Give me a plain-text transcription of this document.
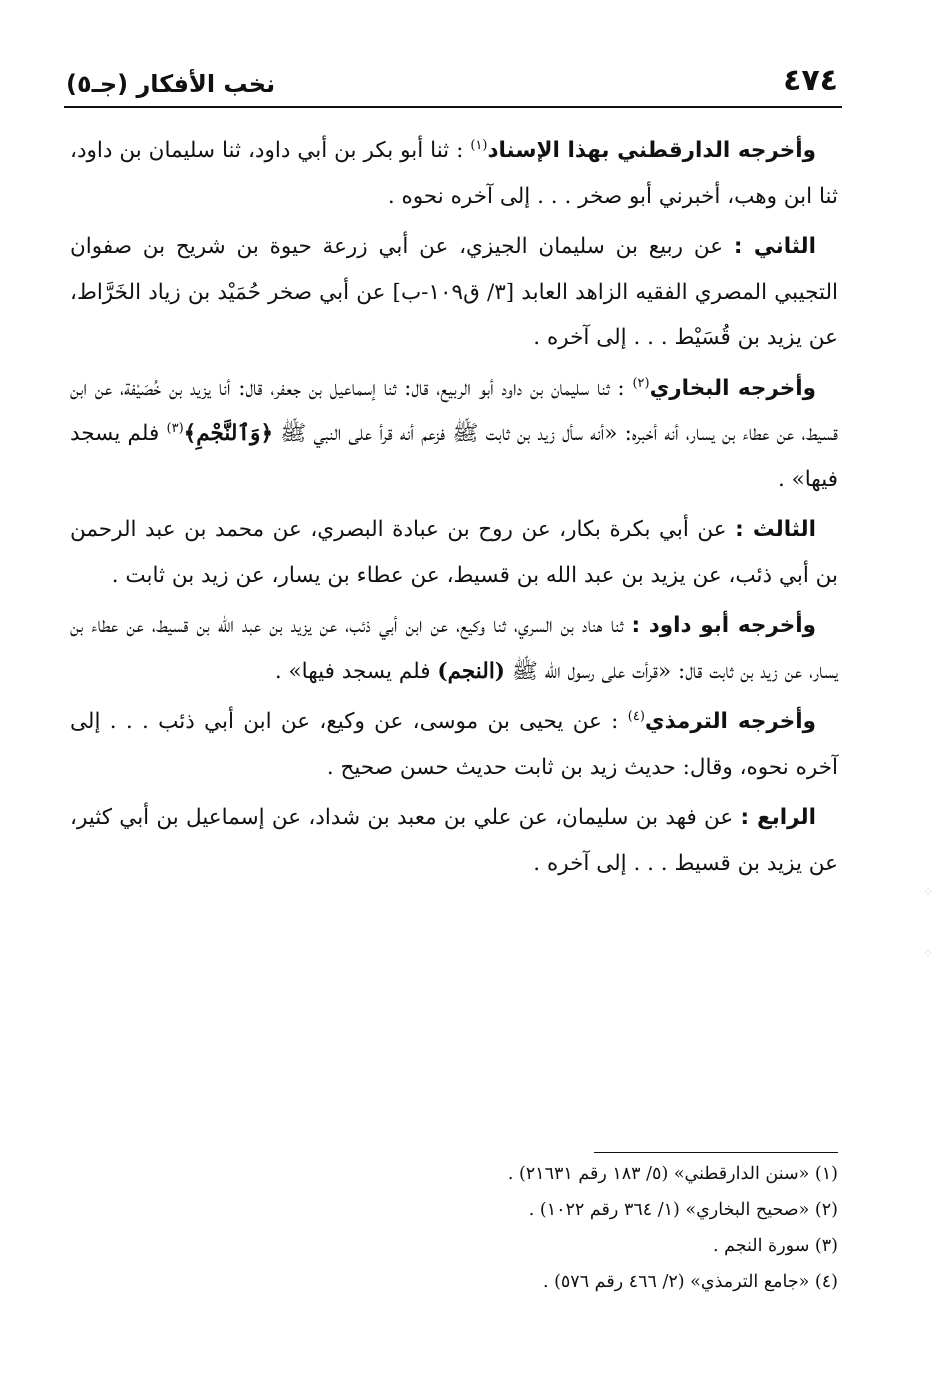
٤٧٤
نخب الأفكار (جـ٥)

وأخرجه الدارقطني بهذا الإسناد$^{(١)}$ : ثنا أبو بكر بن أبي داود، ثنا سليمان بن داود، ثنا ابن وهب، أخبرني أبو صخر . . . إلى آخره نحوه .

الثاني : عن ربيع بن سليمان الجيزي، عن أبي زرعة حيوة بن شريح بن صفوان التجيبي المصري الفقيه الزاهد العابد [٣/ ق١٠٩-ب] عن أبي صخر حُمَيْد بن زياد الخَرَّاط، عن يزيد بن قُسَيْط . . . إلى آخره .

وأخرجه البخاري$^{(٢)}$ : ثنا سليمان بن داود أبو الربيع، قال: ثنا إسماعيل بن جعفر، قال: أنا يزيد بن خُصَيْفة، عن ابن قسيط، عن عطاء بن يسار، أنه أخبره: «أنه سأل زيد بن ثابت ﷺ فزعم أنه قرأ على النبي ﷺ ﴿وَٱلنَّجْمِ﴾$^{(٣)}$ فلم يسجد فيها» .

الثالث : عن أبي بكرة بكار، عن روح بن عبادة البصري، عن محمد بن عبد الرحمن بن أبي ذئب، عن يزيد بن عبد الله بن قسيط، عن عطاء بن يسار، عن زيد بن ثابت .

وأخرجه أبو داود : ثنا هناد بن السري، ثنا وكيع، عن ابن أبي ذئب، عن يزيد بن عبد الله بن قسيط، عن عطاء بن يسار، عن زيد بن ثابت قال: «قرأت على رسول الله ﷺ (النجم) فلم يسجد فيها» .

وأخرجه الترمذي$^{(٤)}$ : عن يحيى بن موسى، عن وكيع، عن ابن أبي ذئب . . . إلى آخره نحوه، وقال: حديث زيد بن ثابت حديث حسن صحيح .

الرابع : عن فهد بن سليمان، عن علي بن معبد بن شداد، عن إسماعيل بن أبي كثير، عن يزيد بن قسيط . . . إلى آخره .

(١) «سنن الدارقطني» (٥/ ١٨٣ رقم ٢١٦٣١) .

(٢) «صحيح البخاري» (١/ ٣٦٤ رقم ١٠٢٢) .

(٣) سورة النجم .

(٤) «جامع الترمذي» (٢/ ٤٦٦ رقم ٥٧٦) .

⁘
⁘
